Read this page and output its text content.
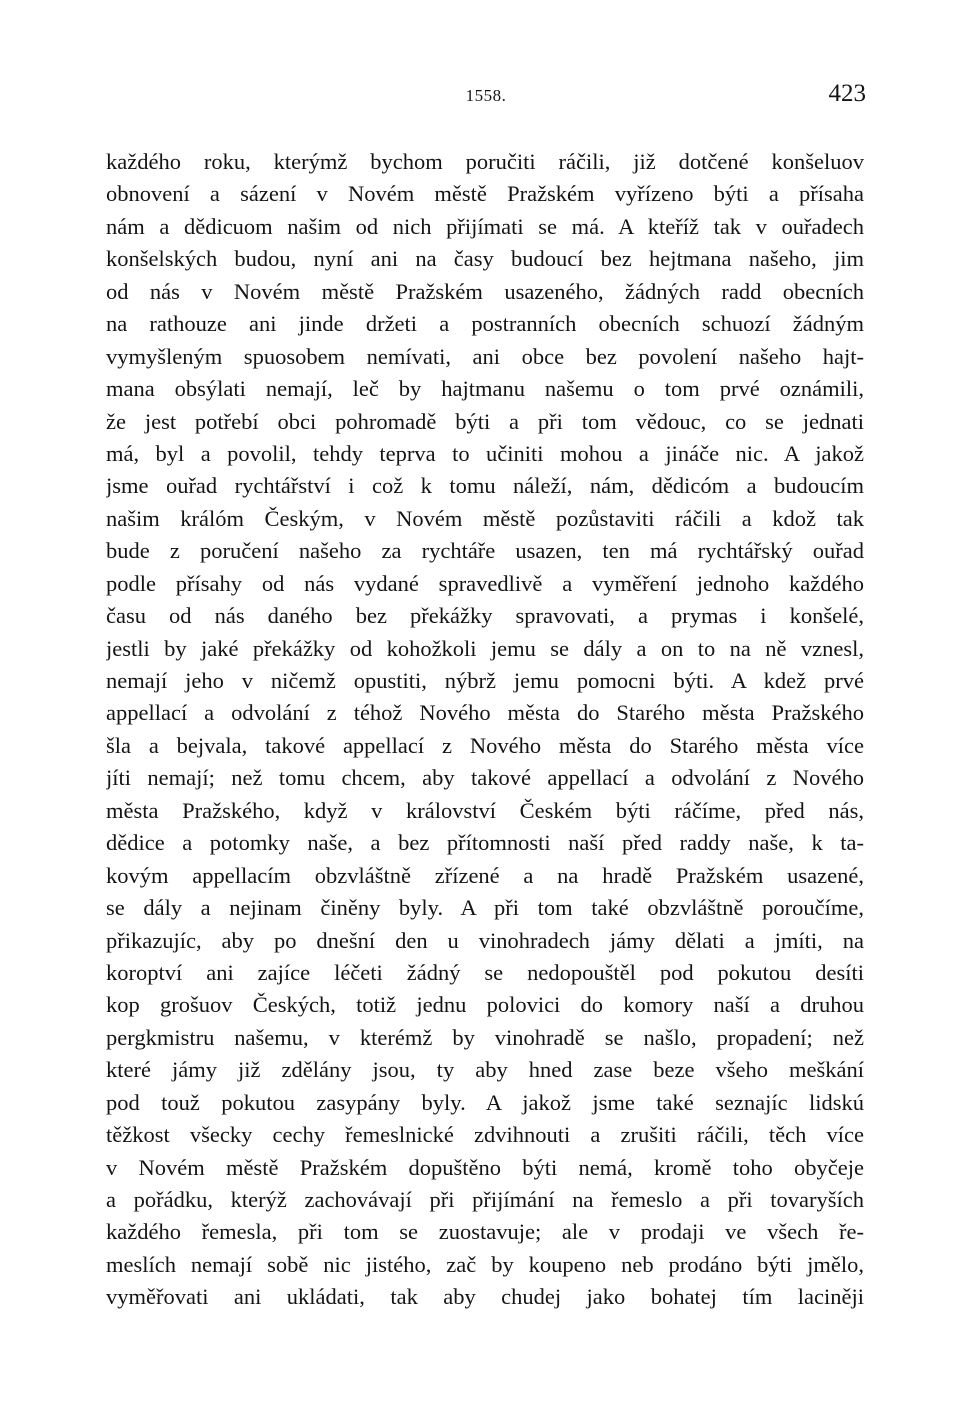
1558.	423
každého roku, kterýmž bychom poručiti ráčili, již dotčené konšeluov
obnovení a sázení v Novém městě Pražském vyřízeno býti a přísaha
nám a dědicuom našim od nich přijímati se má. A kteříž tak v ouřadech
konšelských budou, nyní ani na časy budoucí bez hejtmana našeho, jim
od nás v Novém městě Pražském usazeného, žádných radd obecních
na rathouze ani jinde držeti a postranních obecních schuozí žádným
vymyšleným spuosobem nemívati, ani obce bez povolení našeho hajt-
mana obsýlati nemají, leč by hajtmanu našemu o tom prvé oznámili,
že jest potřebí obci pohromadě býti a při tom vědouc, co se jednati
má, byl a povolil, tehdy teprva to učiniti mohou a jináče nic. A jakož
jsme ouřad rychtářství i což k tomu náleží, nám, dědicóm a budoucím
našim králóm Českým, v Novém městě pozůstaviti ráčili a kdož tak
bude z poručení našeho za rychtáře usazen, ten má rychtářský ouřad
podle přísahy od nás vydané spravedlivě a vyměření jednoho každého
času od nás daného bez překážky spravovati, a prymas i konšelé,
jestli by jaké překážky od kohožkoli jemu se dály a on to na ně vznesl,
nemají jeho v ničemž opustiti, nýbrž jemu pomocni býti. A kdež prvé
appellací a odvolání z téhož Nového města do Starého města Pražského
šla a bejvala, takové appellací z Nového města do Starého města více
jíti nemají; než tomu chcem, aby takové appellací a odvolání z Nového
města Pražského, když v království Českém býti ráčíme, před nás,
dědice a potomky naše, a bez přítomnosti naší před raddy naše, k ta-
kovým appellacím obzvláštně zřízené a na hradě Pražském usazené,
se dály a nejinam činěny byly. A při tom také obzvláštně poroučíme,
přikazujíc, aby po dnešní den u vinohradech jámy dělati a jmíti, na
koroptví ani zajíce léčeti žádný se nedopouštěl pod pokutou desíti
kop grošuov Českých, totiž jednu polovici do komory naší a druhou
pergkmistru našemu, v kterémž by vinohradě se našlo, propadení; než
které jámy již zdělány jsou, ty aby hned zase beze všeho meškání
pod touž pokutou zasypány byly. A jakož jsme také seznajíc lidskú
těžkost všecky cechy řemeslnické zdvihnouti a zrušiti ráčili, těch více
v Novém městě Pražském dopuštěno býti nemá, kromě toho obyčeje
a pořádku, kterýž zachovávají při přijímání na řemeslo a při tovaryších
každého řemesla, při tom se zuostavuje; ale v prodaji ve všech ře-
meslích nemají sobě nic jistého, zač by koupeno neb prodáno býti jmělo,
vyměřovati ani ukládati, tak aby chudej jako bohatej tím laciněji
